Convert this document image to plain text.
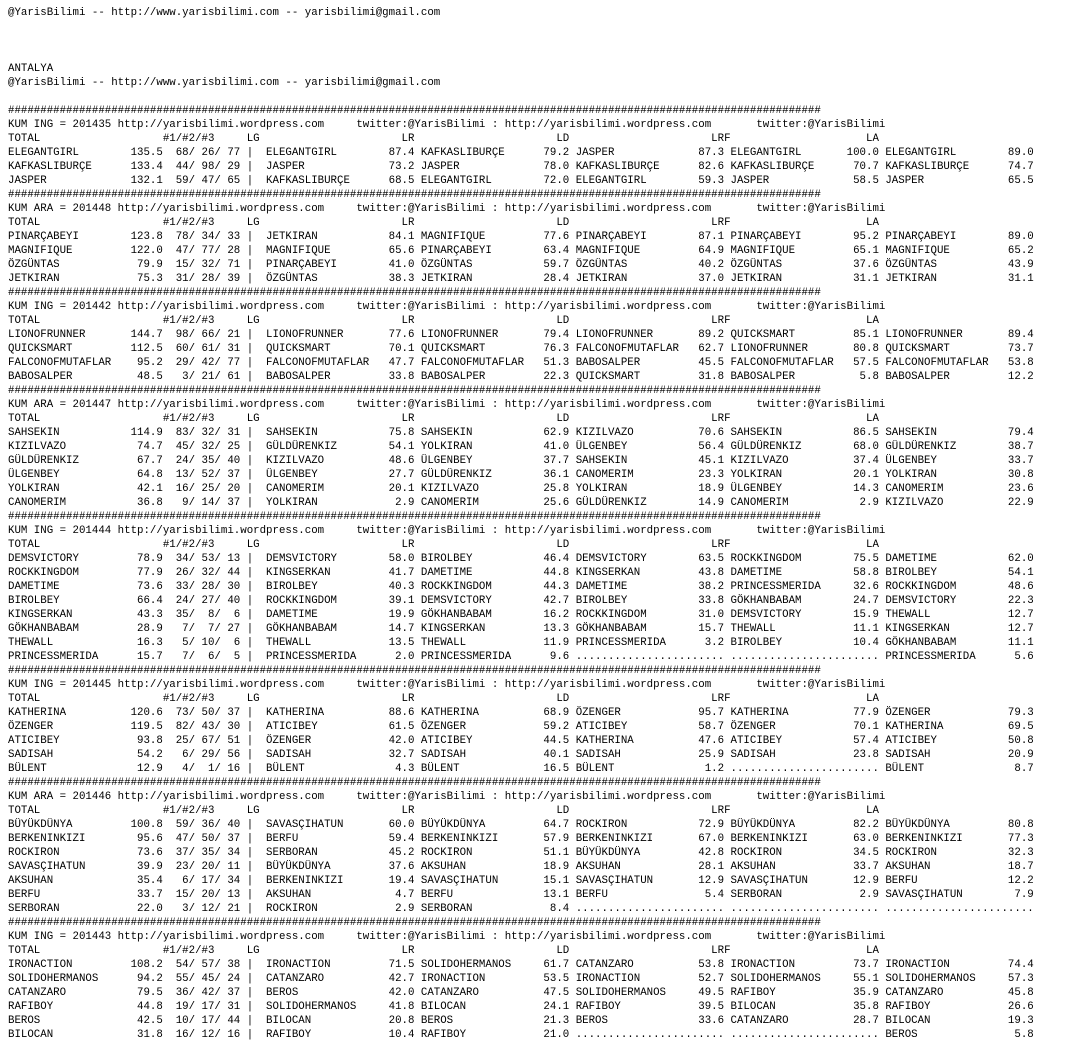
@YarisBilimi -- http://www.yarisbilimi.com -- yarisbilimi@gmail.com
ANTALYA
@YarisBilimi -- http://www.yarisbilimi.com -- yarisbilimi@gmail.com
##############################################################################################################################
KUM ING = 201435 http://yarisbilimi.wordpress.com     twitter:@YarisBilimi : http://yarisbilimi.wordpress.com       twitter:@YarisBilimi
TOTAL                   #1/#2/#3     LG                      LR                      LD                      LRF                     LA
ELEGANTGIRL        135.5  68/ 26/ 77 |  ELEGANTGIRL        87.4 KAFKASLIBURÇE      79.2 JASPER             87.3 ELEGANTGIRL       100.0 ELEGANTGIRL        89.0
KAFKASLIBURÇE      133.4  44/ 98/ 29 |  JASPER             73.2 JASPER             78.0 KAFKASLIBURÇE      82.6 KAFKASLIBURÇE      70.7 KAFKASLIBURÇE      74.7
JASPER             132.1  59/ 47/ 65 |  KAFKASLIBURÇE      68.5 ELEGANTGIRL        72.0 ELEGANTGIRL        59.3 JASPER             58.5 JASPER             65.5
##############################################################################################################################
KUM ARA = 201448 http://yarisbilimi.wordpress.com     twitter:@YarisBilimi : http://yarisbilimi.wordpress.com       twitter:@YarisBilimi
TOTAL                   #1/#2/#3     LG                      LR                      LD                      LRF                     LA
PINARÇABEYI        123.8  78/ 34/ 33 |  JETKIRAN           84.1 MAGNIFIQUE         77.6 PINARÇABEYI        87.1 PINARÇABEYI        95.2 PINARÇABEYI        89.0
MAGNIFIQUE         122.0  47/ 77/ 28 |  MAGNIFIQUE         65.6 PINARÇABEYI        63.4 MAGNIFIQUE         64.9 MAGNIFIQUE         65.1 MAGNIFIQUE         65.2
ÖZGÜNTAS            79.9  15/ 32/ 71 |  PINARÇABEYI        41.0 ÖZGÜNTAS           59.7 ÖZGÜNTAS           40.2 ÖZGÜNTAS           37.6 ÖZGÜNTAS           43.9
JETKIRAN            75.3  31/ 28/ 39 |  ÖZGÜNTAS           38.3 JETKIRAN           28.4 JETKIRAN           37.0 JETKIRAN           31.1 JETKIRAN           31.1
##############################################################################################################################
KUM ING = 201442 http://yarisbilimi.wordpress.com     twitter:@YarisBilimi : http://yarisbilimi.wordpress.com       twitter:@YarisBilimi
TOTAL                   #1/#2/#3     LG                      LR                      LD                      LRF                     LA
LIONOFRUNNER       144.7  98/ 66/ 21 |  LIONOFRUNNER       77.6 LIONOFRUNNER       79.4 LIONOFRUNNER       89.2 QUICKSMART         85.1 LIONOFRUNNER       89.4
QUICKSMART         112.5  60/ 61/ 31 |  QUICKSMART         70.1 QUICKSMART         76.3 FALCONOFMUTAFLAR   62.7 LIONOFRUNNER       80.8 QUICKSMART         73.7
FALCONOFMUTAFLAR    95.2  29/ 42/ 77 |  FALCONOFMUTAFLAR   47.7 FALCONOFMUTAFLAR   51.3 BABOSALPER         45.5 FALCONOFMUTAFLAR   57.5 FALCONOFMUTAFLAR   53.8
BABOSALPER          48.5   3/ 21/ 61 |  BABOSALPER         33.8 BABOSALPER         22.3 QUICKSMART         31.8 BABOSALPER          5.8 BABOSALPER         12.2
##############################################################################################################################
KUM ARA = 201447 http://yarisbilimi.wordpress.com     twitter:@YarisBilimi : http://yarisbilimi.wordpress.com       twitter:@YarisBilimi
TOTAL                   #1/#2/#3     LG                      LR                      LD                      LRF                     LA
SAHSEKIN           114.9  83/ 32/ 31 |  SAHSEKIN           75.8 SAHSEKIN           62.9 KIZILVAZO          70.6 SAHSEKIN           86.5 SAHSEKIN           79.4
KIZILVAZO           74.7  45/ 32/ 25 |  GÜLDÜRENKIZ        54.1 YOLKIRAN           41.0 ÜLGENBEY           56.4 GÜLDÜRENKIZ        68.0 GÜLDÜRENKIZ        38.7
GÜLDÜRENKIZ         67.7  24/ 35/ 40 |  KIZILVAZO          48.6 ÜLGENBEY           37.7 SAHSEKIN           45.1 KIZILVAZO          37.4 ÜLGENBEY           33.7
ÜLGENBEY            64.8  13/ 52/ 37 |  ÜLGENBEY           27.7 GÜLDÜRENKIZ        36.1 CANOMERIM          23.3 YOLKIRAN           20.1 YOLKIRAN           30.8
YOLKIRAN            42.1  16/ 25/ 20 |  CANOMERIM          20.1 KIZILVAZO          25.8 YOLKIRAN           18.9 ÜLGENBEY           14.3 CANOMERIM          23.6
CANOMERIM           36.8   9/ 14/ 37 |  YOLKIRAN            2.9 CANOMERIM          25.6 GÜLDÜRENKIZ        14.9 CANOMERIM           2.9 KIZILVAZO          22.9
##############################################################################################################################
KUM ING = 201444 http://yarisbilimi.wordpress.com     twitter:@YarisBilimi : http://yarisbilimi.wordpress.com       twitter:@YarisBilimi
TOTAL                   #1/#2/#3     LG                      LR                      LD                      LRF                     LA
DEMSVICTORY         78.9  34/ 53/ 13 |  DEMSVICTORY        58.0 BIROLBEY           46.4 DEMSVICTORY        63.5 ROCKKINGDOM        75.5 DAMETIME           62.0
ROCKKINGDOM         77.9  26/ 32/ 44 |  KINGSERKAN         41.7 DAMETIME           44.8 KINGSERKAN         43.8 DAMETIME           58.8 BIROLBEY           54.1
DAMETIME            73.6  33/ 28/ 30 |  BIROLBEY           40.3 ROCKKINGDOM        44.3 DAMETIME           38.2 PRINCESSMERIDA     32.6 ROCKKINGDOM        48.6
BIROLBEY            66.4  24/ 27/ 40 |  ROCKKINGDOM        39.1 DEMSVICTORY        42.7 BIROLBEY           33.8 GÖKHANBABAM        24.7 DEMSVICTORY        22.3
KINGSERKAN          43.3  35/  8/  6 |  DAMETIME           19.9 GÖKHANBABAM        16.2 ROCKKINGDOM        31.0 DEMSVICTORY        15.9 THEWALL            12.7
GÖKHANBABAM         28.9   7/  7/ 27 |  GÖKHANBABAM        14.7 KINGSERKAN         13.3 GÖKHANBABAM        15.7 THEWALL            11.1 KINGSERKAN         12.7
THEWALL             16.3   5/ 10/  6 |  THEWALL            13.5 THEWALL            11.9 PRINCESSMERIDA      3.2 BIROLBEY           10.4 GÖKHANBABAM        11.1
PRINCESSMERIDA      15.7   7/  6/  5 |  PRINCESSMERIDA      2.0 PRINCESSMERIDA      9.6 ....................... ....................... PRINCESSMERIDA      5.6
##############################################################################################################################
KUM ING = 201445 http://yarisbilimi.wordpress.com     twitter:@YarisBilimi : http://yarisbilimi.wordpress.com       twitter:@YarisBilimi
TOTAL                   #1/#2/#3     LG                      LR                      LD                      LRF                     LA
KATHERINA          120.6  73/ 50/ 37 |  KATHERINA          88.6 KATHERINA          68.9 ÖZENGER            95.7 KATHERINA          77.9 ÖZENGER            79.3
ÖZENGER            119.5  82/ 43/ 30 |  ATICIBEY           61.5 ÖZENGER            59.2 ATICIBEY           58.7 ÖZENGER            70.1 KATHERINA          69.5
ATICIBEY            93.8  25/ 67/ 51 |  ÖZENGER            42.0 ATICIBEY           44.5 KATHERINA          47.6 ATICIBEY           57.4 ATICIBEY           50.8
SADISAH             54.2   6/ 29/ 56 |  SADISAH            32.7 SADISAH            40.1 SADISAH            25.9 SADISAH            23.8 SADISAH            20.9
BÜLENT              12.9   4/  1/ 16 |  BÜLENT              4.3 BÜLENT             16.5 BÜLENT              1.2 ....................... BÜLENT              8.7
##############################################################################################################################
KUM ARA = 201446 http://yarisbilimi.wordpress.com     twitter:@YarisBilimi : http://yarisbilimi.wordpress.com       twitter:@YarisBilimi
TOTAL                   #1/#2/#3     LG                      LR                      LD                      LRF                     LA
BÜYÜKDÜNYA         100.8  59/ 36/ 40 |  SAVASÇIHATUN       60.0 BÜYÜKDÜNYA         64.7 ROCKIRON           72.9 BÜYÜKDÜNYA         82.2 BÜYÜKDÜNYA         80.8
BERKENINKIZI        95.6  47/ 50/ 37 |  BERFU              59.4 BERKENINKIZI       57.9 BERKENINKIZI       67.0 BERKENINKIZI       63.0 BERKENINKIZI       77.3
ROCKIRON            73.6  37/ 35/ 34 |  SERBORAN           45.2 ROCKIRON           51.1 BÜYÜKDÜNYA         42.8 ROCKIRON           34.5 ROCKIRON           32.3
SAVASÇIHATUN        39.9  23/ 20/ 11 |  BÜYÜKDÜNYA         37.6 AKSUHAN            18.9 AKSUHAN            28.1 AKSUHAN            33.7 AKSUHAN            18.7
AKSUHAN             35.4   6/ 17/ 34 |  BERKENINKIZI       19.4 SAVASÇIHATUN       15.1 SAVASÇIHATUN       12.9 SAVASÇIHATUN       12.9 BERFU              12.2
BERFU               33.7  15/ 20/ 13 |  AKSUHAN             4.7 BERFU              13.1 BERFU               5.4 SERBORAN            2.9 SAVASÇIHATUN        7.9
SERBORAN            22.0   3/ 12/ 21 |  ROCKIRON            2.9 SERBORAN            8.4 ....................... ....................... .......................
##############################################################################################################################
KUM ING = 201443 http://yarisbilimi.wordpress.com     twitter:@YarisBilimi : http://yarisbilimi.wordpress.com       twitter:@YarisBilimi
TOTAL                   #1/#2/#3     LG                      LR                      LD                      LRF                     LA
IRONACTION         108.2  54/ 57/ 38 |  IRONACTION         71.5 SOLIDOHERMANOS     61.7 CATANZARO          53.8 IRONACTION         73.7 IRONACTION         74.4
SOLIDOHERMANOS      94.2  55/ 45/ 24 |  CATANZARO          42.7 IRONACTION         53.5 IRONACTION         52.7 SOLIDOHERMANOS     55.1 SOLIDOHERMANOS     57.3
CATANZARO           79.5  36/ 42/ 37 |  BEROS              42.0 CATANZARO          47.5 SOLIDOHERMANOS     49.5 RAFIBOY            35.9 CATANZARO          45.8
RAFIBOY             44.8  19/ 17/ 31 |  SOLIDOHERMANOS     41.8 BILOCAN            24.1 RAFIBOY            39.5 BILOCAN            35.8 RAFIBOY            26.6
BEROS               42.5  10/ 17/ 44 |  BILOCAN            20.8 BEROS              21.3 BEROS              33.6 CATANZARO          28.7 BILOCAN            19.3
BILOCAN             31.8  16/ 12/ 16 |  RAFIBOY            10.4 RAFIBOY            21.0 ....................... ....................... BEROS               5.8
